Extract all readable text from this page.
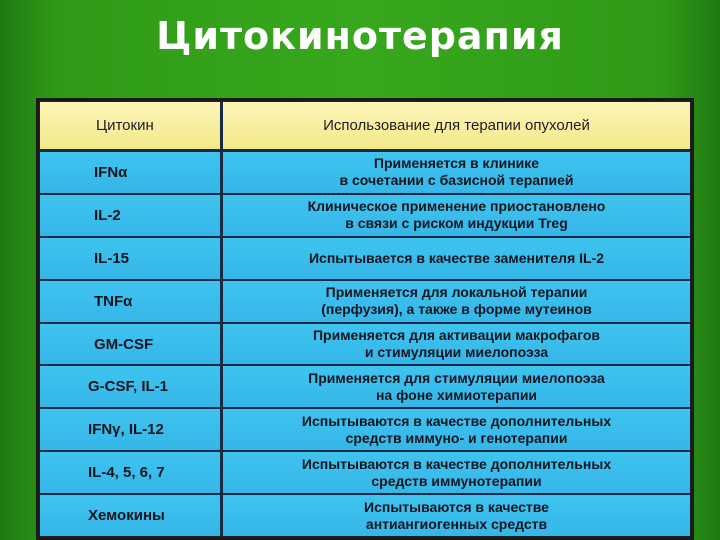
Цитокинотерапия
Цитокин	Использование для терапии опухолей
IFNα
Применяется в клинике
в сочетании с базисной терапией
IL-2
Клиническое применение приостановлено
в связи с риском индукции Treg
IL-15	Испытывается в качестве заменителя IL-2
TNFα
Применяется для локальной терапии
(перфузия), а также в форме мутеинов
GM-CSF
Применяется для активации макрофагов
и стимуляции миелопоэза
G-CSF, IL-1
Применяется для стимуляции миелопоэза
на фоне химиотерапии
IFNγ, IL-12
Испытываются в качестве дополнительных
средств иммуно- и генотерапии
IL-4, 5, 6, 7
Испытываются в качестве дополнительных
средств иммунотерапии
Хемокины
Испытываются в качестве
антиангиогенных средств
